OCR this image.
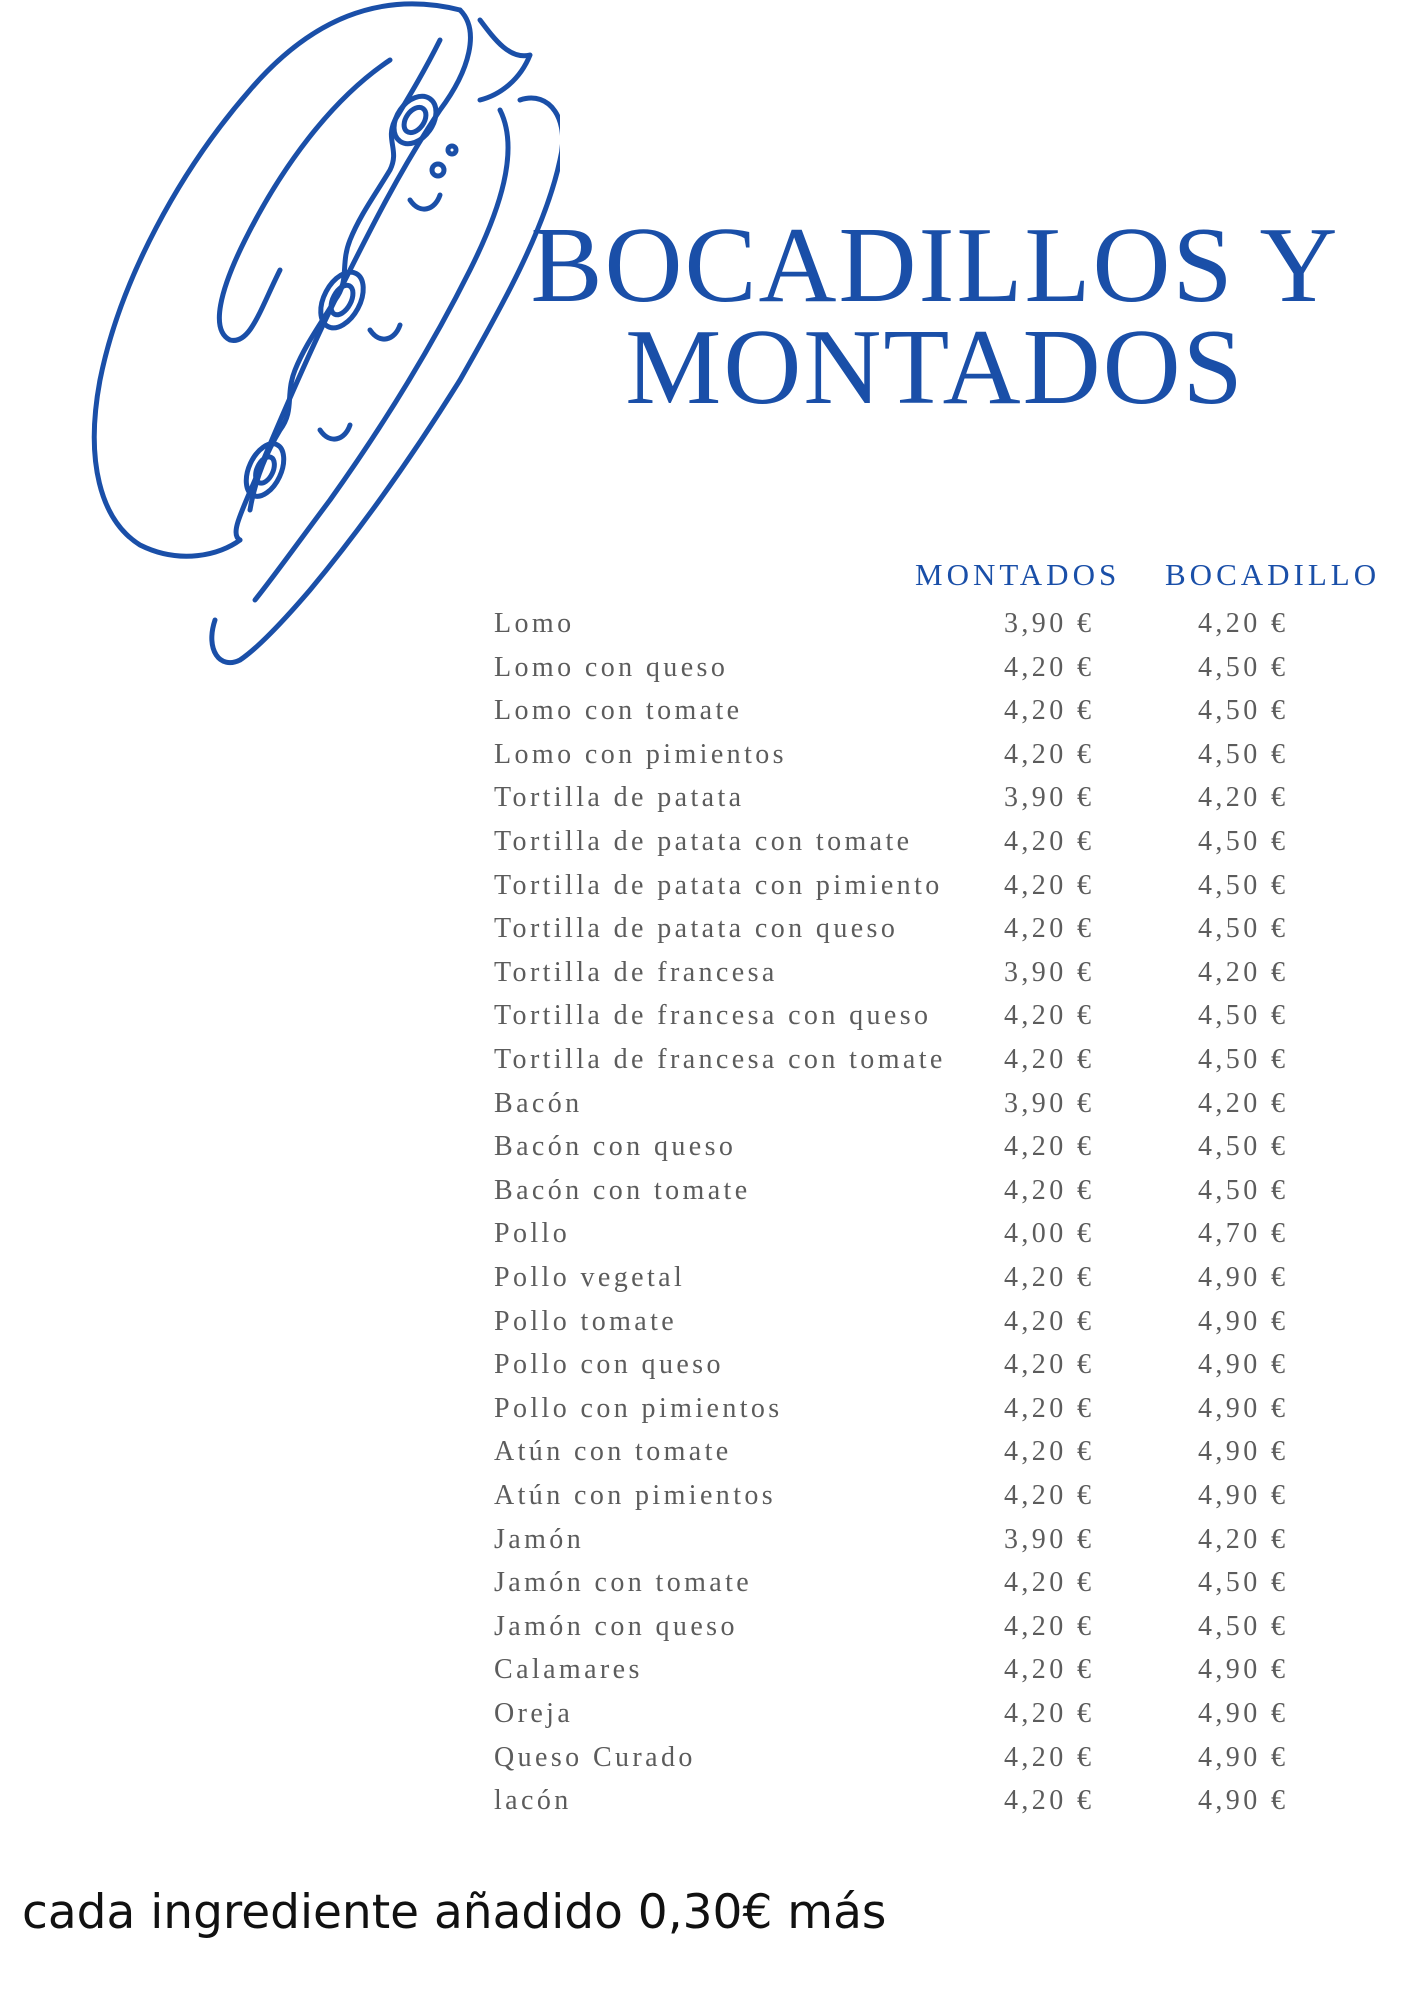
BOCADILLOS Y
MONTADOS
MONTADOS BOCADILLO
Lomo	3,90 €	4,20 €
Lomo con queso	4,20 €	4,50 €
Lomo con tomate	4,20 €	4,50 €
Lomo con pimientos	4,20 €	4,50 €
Tortilla de patata	3,90 €	4,20 €
Tortilla de patata con tomate	4,20 €	4,50 €
Tortilla de patata con pimiento 4,20 €	4,50 €
Tortilla de patata con queso	4,20 €	4,50 €
Tortilla de francesa	3,90 €	4,20 €
Tortilla de francesa con queso	4,20 €	4,50 €
Tortilla de francesa con tomate 4,20 €	4,50 €
Bacón	3,90 €	4,20 €
Bacón con queso	4,20 €	4,50 €
Bacón con tomate	4,20 €	4,50 €
Pollo	4,00 €	4,70 €
Pollo vegetal	4,20 €	4,90 €
Pollo tomate	4,20 €	4,90 €
Pollo con queso	4,20 €	4,90 €
Pollo con pimientos	4,20 €	4,90 €
Atún con tomate	4,20 €	4,90 €
Atún con pimientos	4,20 €	4,90 €
Jamón	3,90 €	4,20 €
Jamón con tomate	4,20 €	4,50 €
Jamón con queso	4,20 €	4,50 €
Calamares	4,20 €	4,90 €
Oreja	4,20 €	4,90 €
Queso Curado	4,20 €	4,90 €
lacón	4,20 €	4,90 €
cada ingrediente añadido 0,30€ más
